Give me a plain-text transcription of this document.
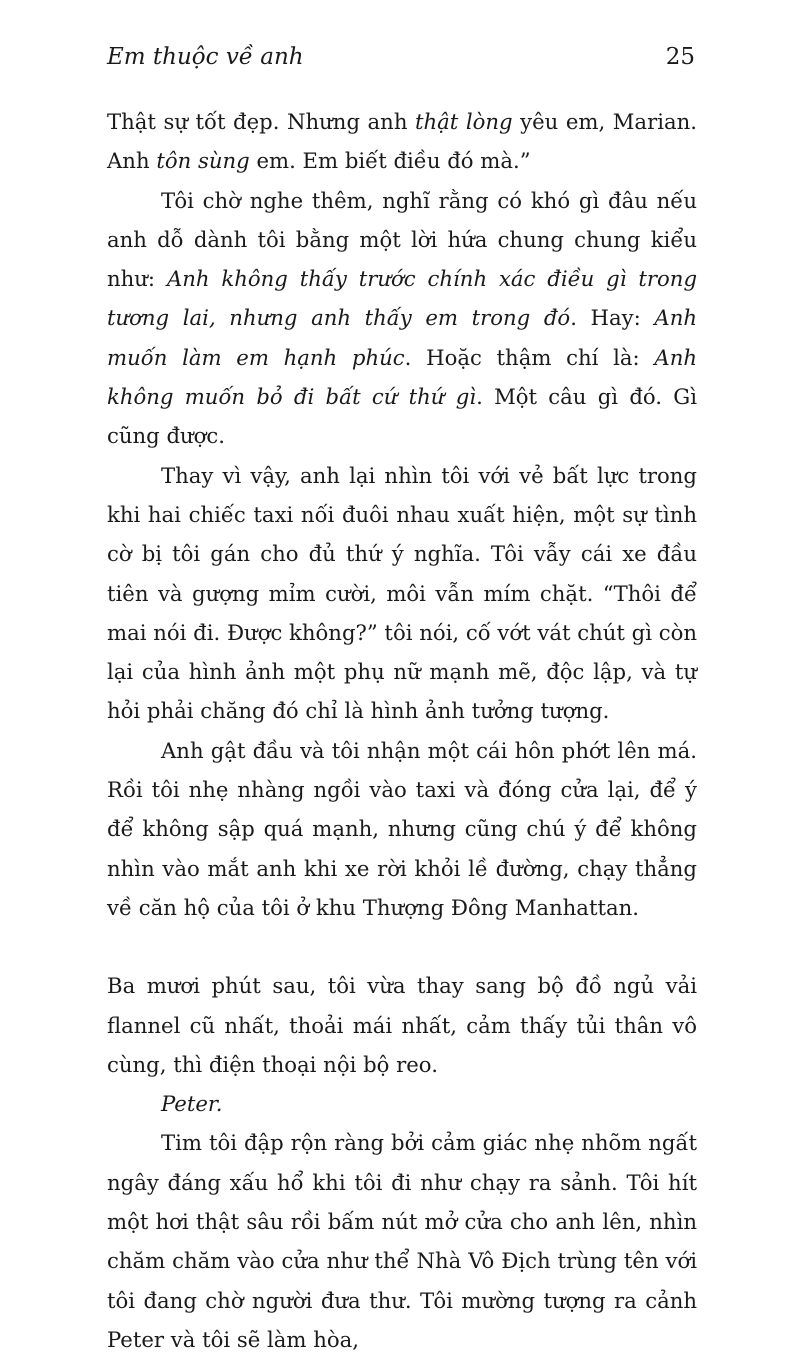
Em thuộc về anh	25

Thật sự tốt đẹp. Nhưng anh thật lòng yêu em, Marian. Anh tôn sùng em. Em biết điều đó mà.”

Tôi chờ nghe thêm, nghĩ rằng có khó gì đâu nếu anh dỗ dành tôi bằng một lời hứa chung chung kiểu như: Anh không thấy trước chính xác điều gì trong tương lai, nhưng anh thấy em trong đó. Hay: Anh muốn làm em hạnh phúc. Hoặc thậm chí là: Anh không muốn bỏ đi bất cứ thứ gì. Một câu gì đó. Gì cũng được.

Thay vì vậy, anh lại nhìn tôi với vẻ bất lực trong khi hai chiếc taxi nối đuôi nhau xuất hiện, một sự tình cờ bị tôi gán cho đủ thứ ý nghĩa. Tôi vẫy cái xe đầu tiên và gượng mỉm cười, môi vẫn mím chặt. “Thôi để mai nói đi. Được không?” tôi nói, cố vớt vát chút gì còn lại của hình ảnh một phụ nữ mạnh mẽ, độc lập, và tự hỏi phải chăng đó chỉ là hình ảnh tưởng tượng.

Anh gật đầu và tôi nhận một cái hôn phớt lên má. Rồi tôi nhẹ nhàng ngồi vào taxi và đóng cửa lại, để ý để không sập quá mạnh, nhưng cũng chú ý để không nhìn vào mắt anh khi xe rời khỏi lề đường, chạy thẳng về căn hộ của tôi ở khu Thượng Đông Manhattan.

Ba mươi phút sau, tôi vừa thay sang bộ đồ ngủ vải flannel cũ nhất, thoải mái nhất, cảm thấy tủi thân vô cùng, thì điện thoại nội bộ reo.

Peter.

Tim tôi đập rộn ràng bởi cảm giác nhẹ nhõm ngất ngây đáng xấu hổ khi tôi đi như chạy ra sảnh. Tôi hít một hơi thật sâu rồi bấm nút mở cửa cho anh lên, nhìn chăm chăm vào cửa như thể Nhà Vô Địch trùng tên với tôi đang chờ người đưa thư. Tôi mường tượng ra cảnh Peter và tôi sẽ làm hòa,
